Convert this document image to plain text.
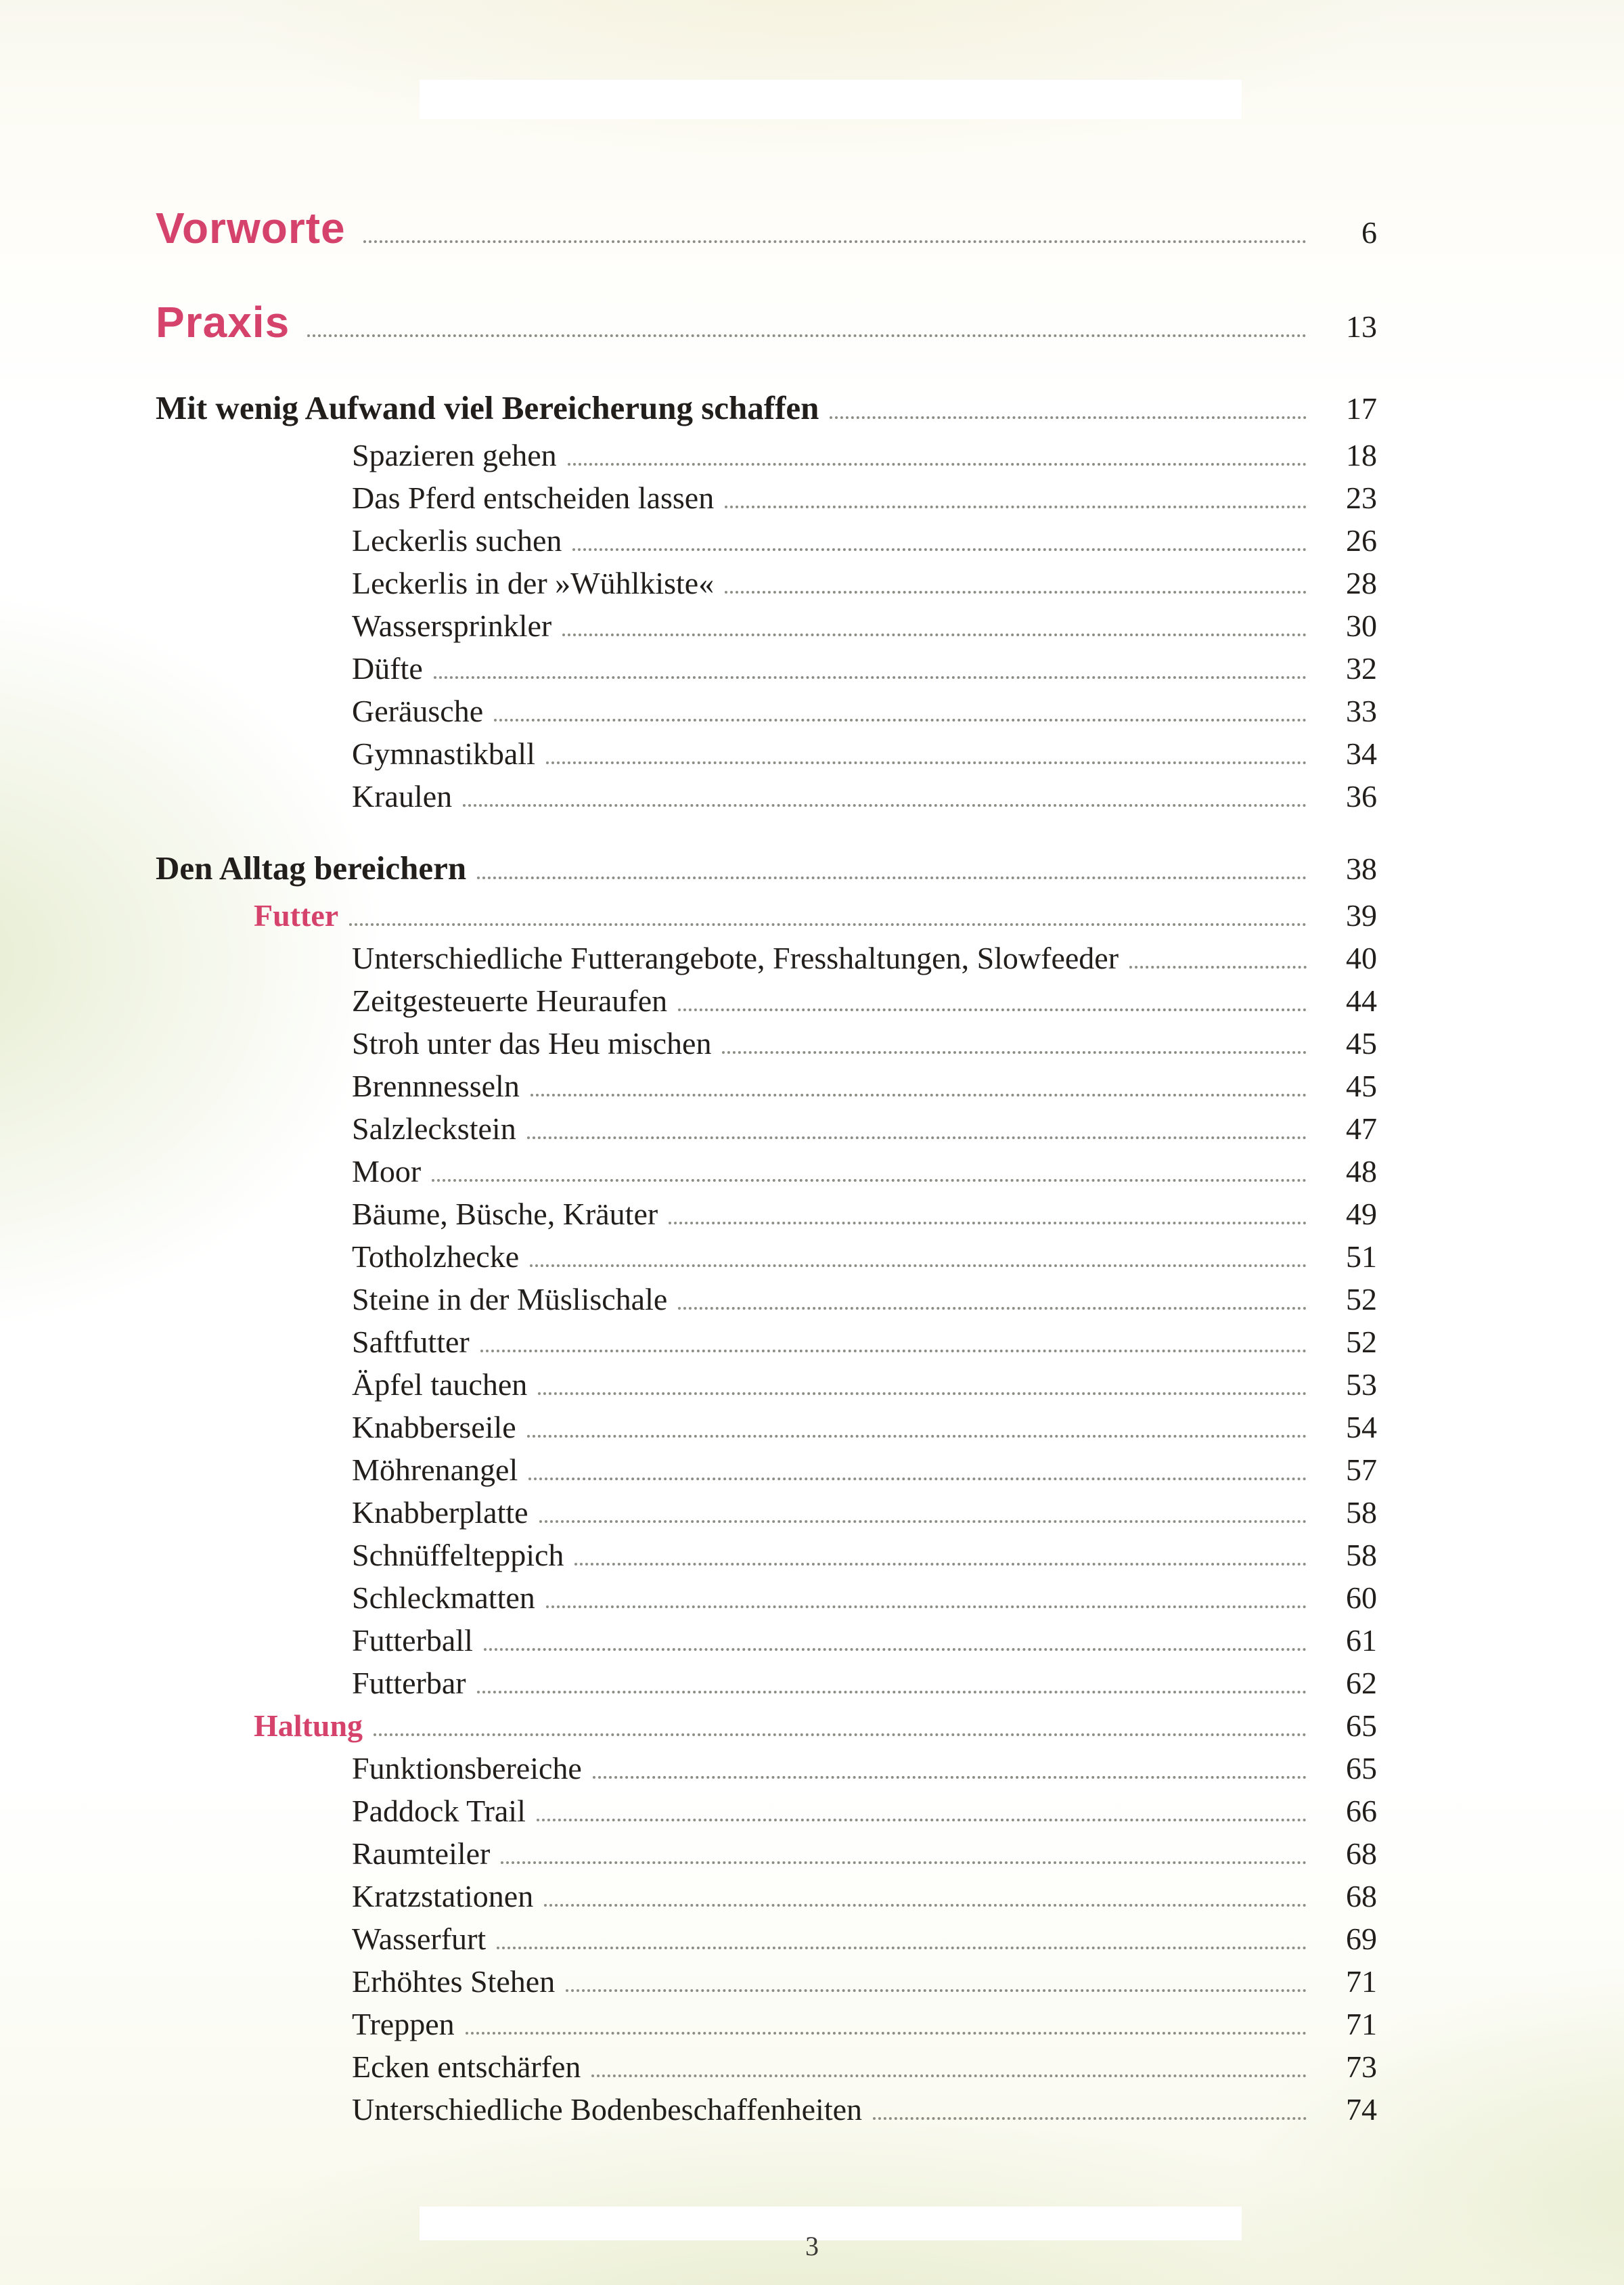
Vorworte	6
Praxis	13
Mit wenig Aufwand viel Bereicherung schaffen	17
Spazieren gehen	18
Das Pferd entscheiden lassen	23
Leckerlis suchen	26
Leckerlis in der »Wühlkiste«	28
Wassersprinkler	30
Düfte	32
Geräusche	33
Gymnastikball	34
Kraulen	36
Den Alltag bereichern	38
Futter	39
Unterschiedliche Futterangebote, Fresshaltungen, Slowfeeder	40
Zeitgesteuerte Heuraufen	44
Stroh unter das Heu mischen	45
Brennnesseln	45
Salzleckstein	47
Moor	48
Bäume, Büsche, Kräuter	49
Totholzhecke	51
Steine in der Müslischale	52
Saftfutter	52
Äpfel tauchen	53
Knabberseile	54
Möhrenangel	57
Knabberplatte	58
Schnüffelteppich	58
Schleckmatten	60
Futterball	61
Futterbar	62
Haltung	65
Funktionsbereiche	65
Paddock Trail	66
Raumteiler	68
Kratzstationen	68
Wasserfurt	69
Erhöhtes Stehen	71
Treppen	71
Ecken entschärfen	73
Unterschiedliche Bodenbeschaffenheiten	74
3
